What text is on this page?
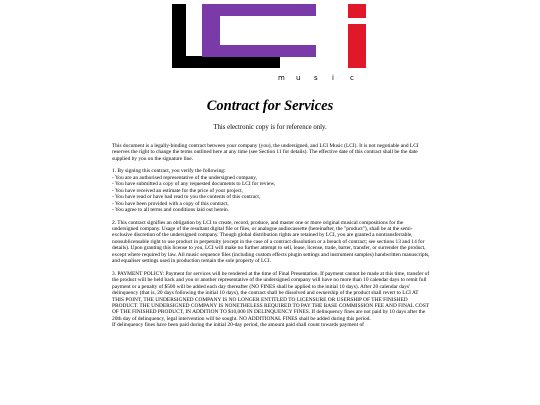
m u s i c
Contract for Services

This electronic copy is for reference only.

This document is a legally-binding contract between your company (you), the undersigned, and LCI Music (LCI). It is not negotiable and LCI reserves the right to change the terms outlined here at any time (see Section 11 for details). The effective date of this contract shall be the date supplied by you on the signature line.

1. By signing this contract, you verify the following:
- You are an authorised representative of the undersigned company,
- You have submitted a copy of any requested documents to LCI for review,
- You have received an estimate for the price of your project,
- You have read or have had read to you the contents of this contract,
- You have been provided with a copy of this contract,
- You agree to all terms and conditions laid out herein.

2. This contract signifies an obligation by LCI to create, record, produce, and master one or more original musical compositions for the undersigned company. Usage of the resultant digital file or files, or analogue audiocassette (hereinafter, the "product"), shall be at the semi-exclusive discretion of the undersigned company. Though global distribution rights are retained by LCI, you are granted a nontransferrable, nonsublicensable right to use product in perpetuity (except in the case of a contract dissolution or a breach of contract; see sections 13 and 14 for details). Upon granting this license to you, LCI will make no further attempt to sell, lease, license, trade, barter, transfer, or surrender the product, except where required by law. All music sequence files (including custom effects plugin settings and instrument samples) handwritten manuscripts, and equaliser settings used in production remain the sole property of LCI.

3. PAYMENT POLICY: Payment for services will be rendered at the time of Final Presentation. If payment cannot be made at this time, transfer of the product will be held back and you or another representative of the undersigned company will have no more than 10 calendar days to remit full payment or a penalty of $500 will be added each day thereafter (NO FINES shall be applied to the initial 10 days). After 20 calendar days' delinquency (that is, 20 days following the initial 10 days), the contract shall be dissolved and ownership of the product shall revert to LCI AT THIS POINT, THE UNDERSIGNED COMPANY IS NO LONGER ENTITLED TO LICENSURE OR USERSHIP OF THE FINISHED PRODUCT. THE UNDERSIGNED COMPANY IS NONETHELESS REQUIRED TO PAY THE BASE COMMISSION FEE AND FINAL COST OF THE FINISHED PRODUCT, IN ADDITION TO $10,000 IN DELINQUENCY FINES. If delinquency fines are not paid by 10 days after the 20th day of delinquency, legal intervention will be sought. NO ADDITIONAL FINES shall be added during this period.

If delinquency fines have been paid during the initial 20-day period, the amount paid shall count towards payment of
